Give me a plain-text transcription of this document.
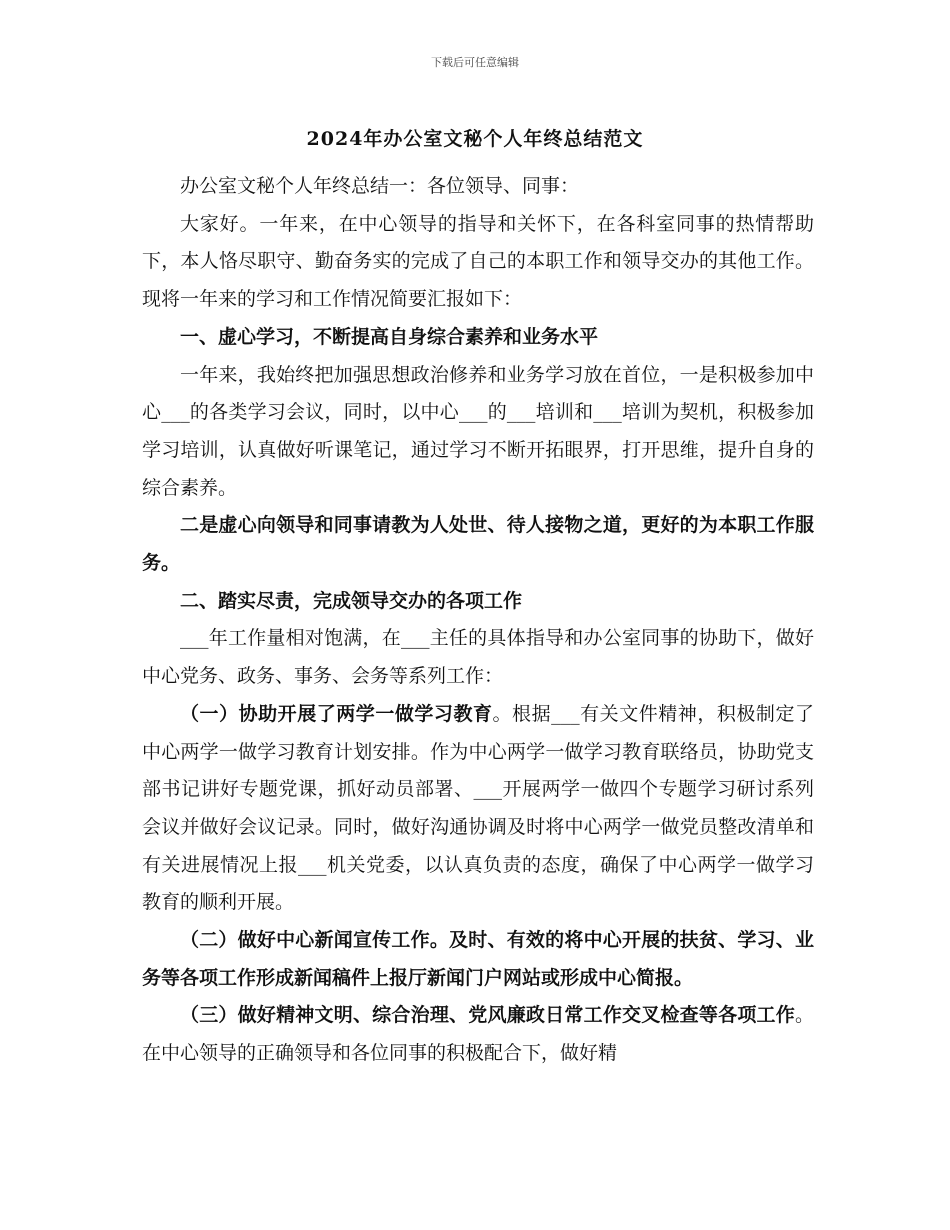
下载后可任意编辑
2024年办公室文秘个人年终总结范文

办公室文秘个人年终总结一：各位领导、同事：

大家好。一年来，在中心领导的指导和关怀下，在各科室同事的热情帮助下，本人恪尽职守、勤奋务实的完成了自己的本职工作和领导交办的其他工作。现将一年来的学习和工作情况简要汇报如下：

一、虚心学习，不断提高自身综合素养和业务水平

一年来，我始终把加强思想政治修养和业务学习放在首位，一是积极参加中心___的各类学习会议，同时，以中心___的___培训和___培训为契机，积极参加学习培训，认真做好听课笔记，通过学习不断开拓眼界，打开思维，提升自身的综合素养。

二是虚心向领导和同事请教为人处世、待人接物之道，更好的为本职工作服务。

二、踏实尽责，完成领导交办的各项工作

___年工作量相对饱满，在___主任的具体指导和办公室同事的协助下，做好中心党务、政务、事务、会务等系列工作：

（一）协助开展了两学一做学习教育。根据___有关文件精神，积极制定了中心两学一做学习教育计划安排。作为中心两学一做学习教育联络员，协助党支部书记讲好专题党课，抓好动员部署、___开展两学一做四个专题学习研讨系列会议并做好会议记录。同时，做好沟通协调及时将中心两学一做党员整改清单和有关进展情况上报___机关党委，以认真负责的态度，确保了中心两学一做学习教育的顺利开展。

（二）做好中心新闻宣传工作。及时、有效的将中心开展的扶贫、学习、业务等各项工作形成新闻稿件上报厅新闻门户网站或形成中心简报。

（三）做好精神文明、综合治理、党风廉政日常工作交叉检查等各项工作。在中心领导的正确领导和各位同事的积极配合下，做好精
